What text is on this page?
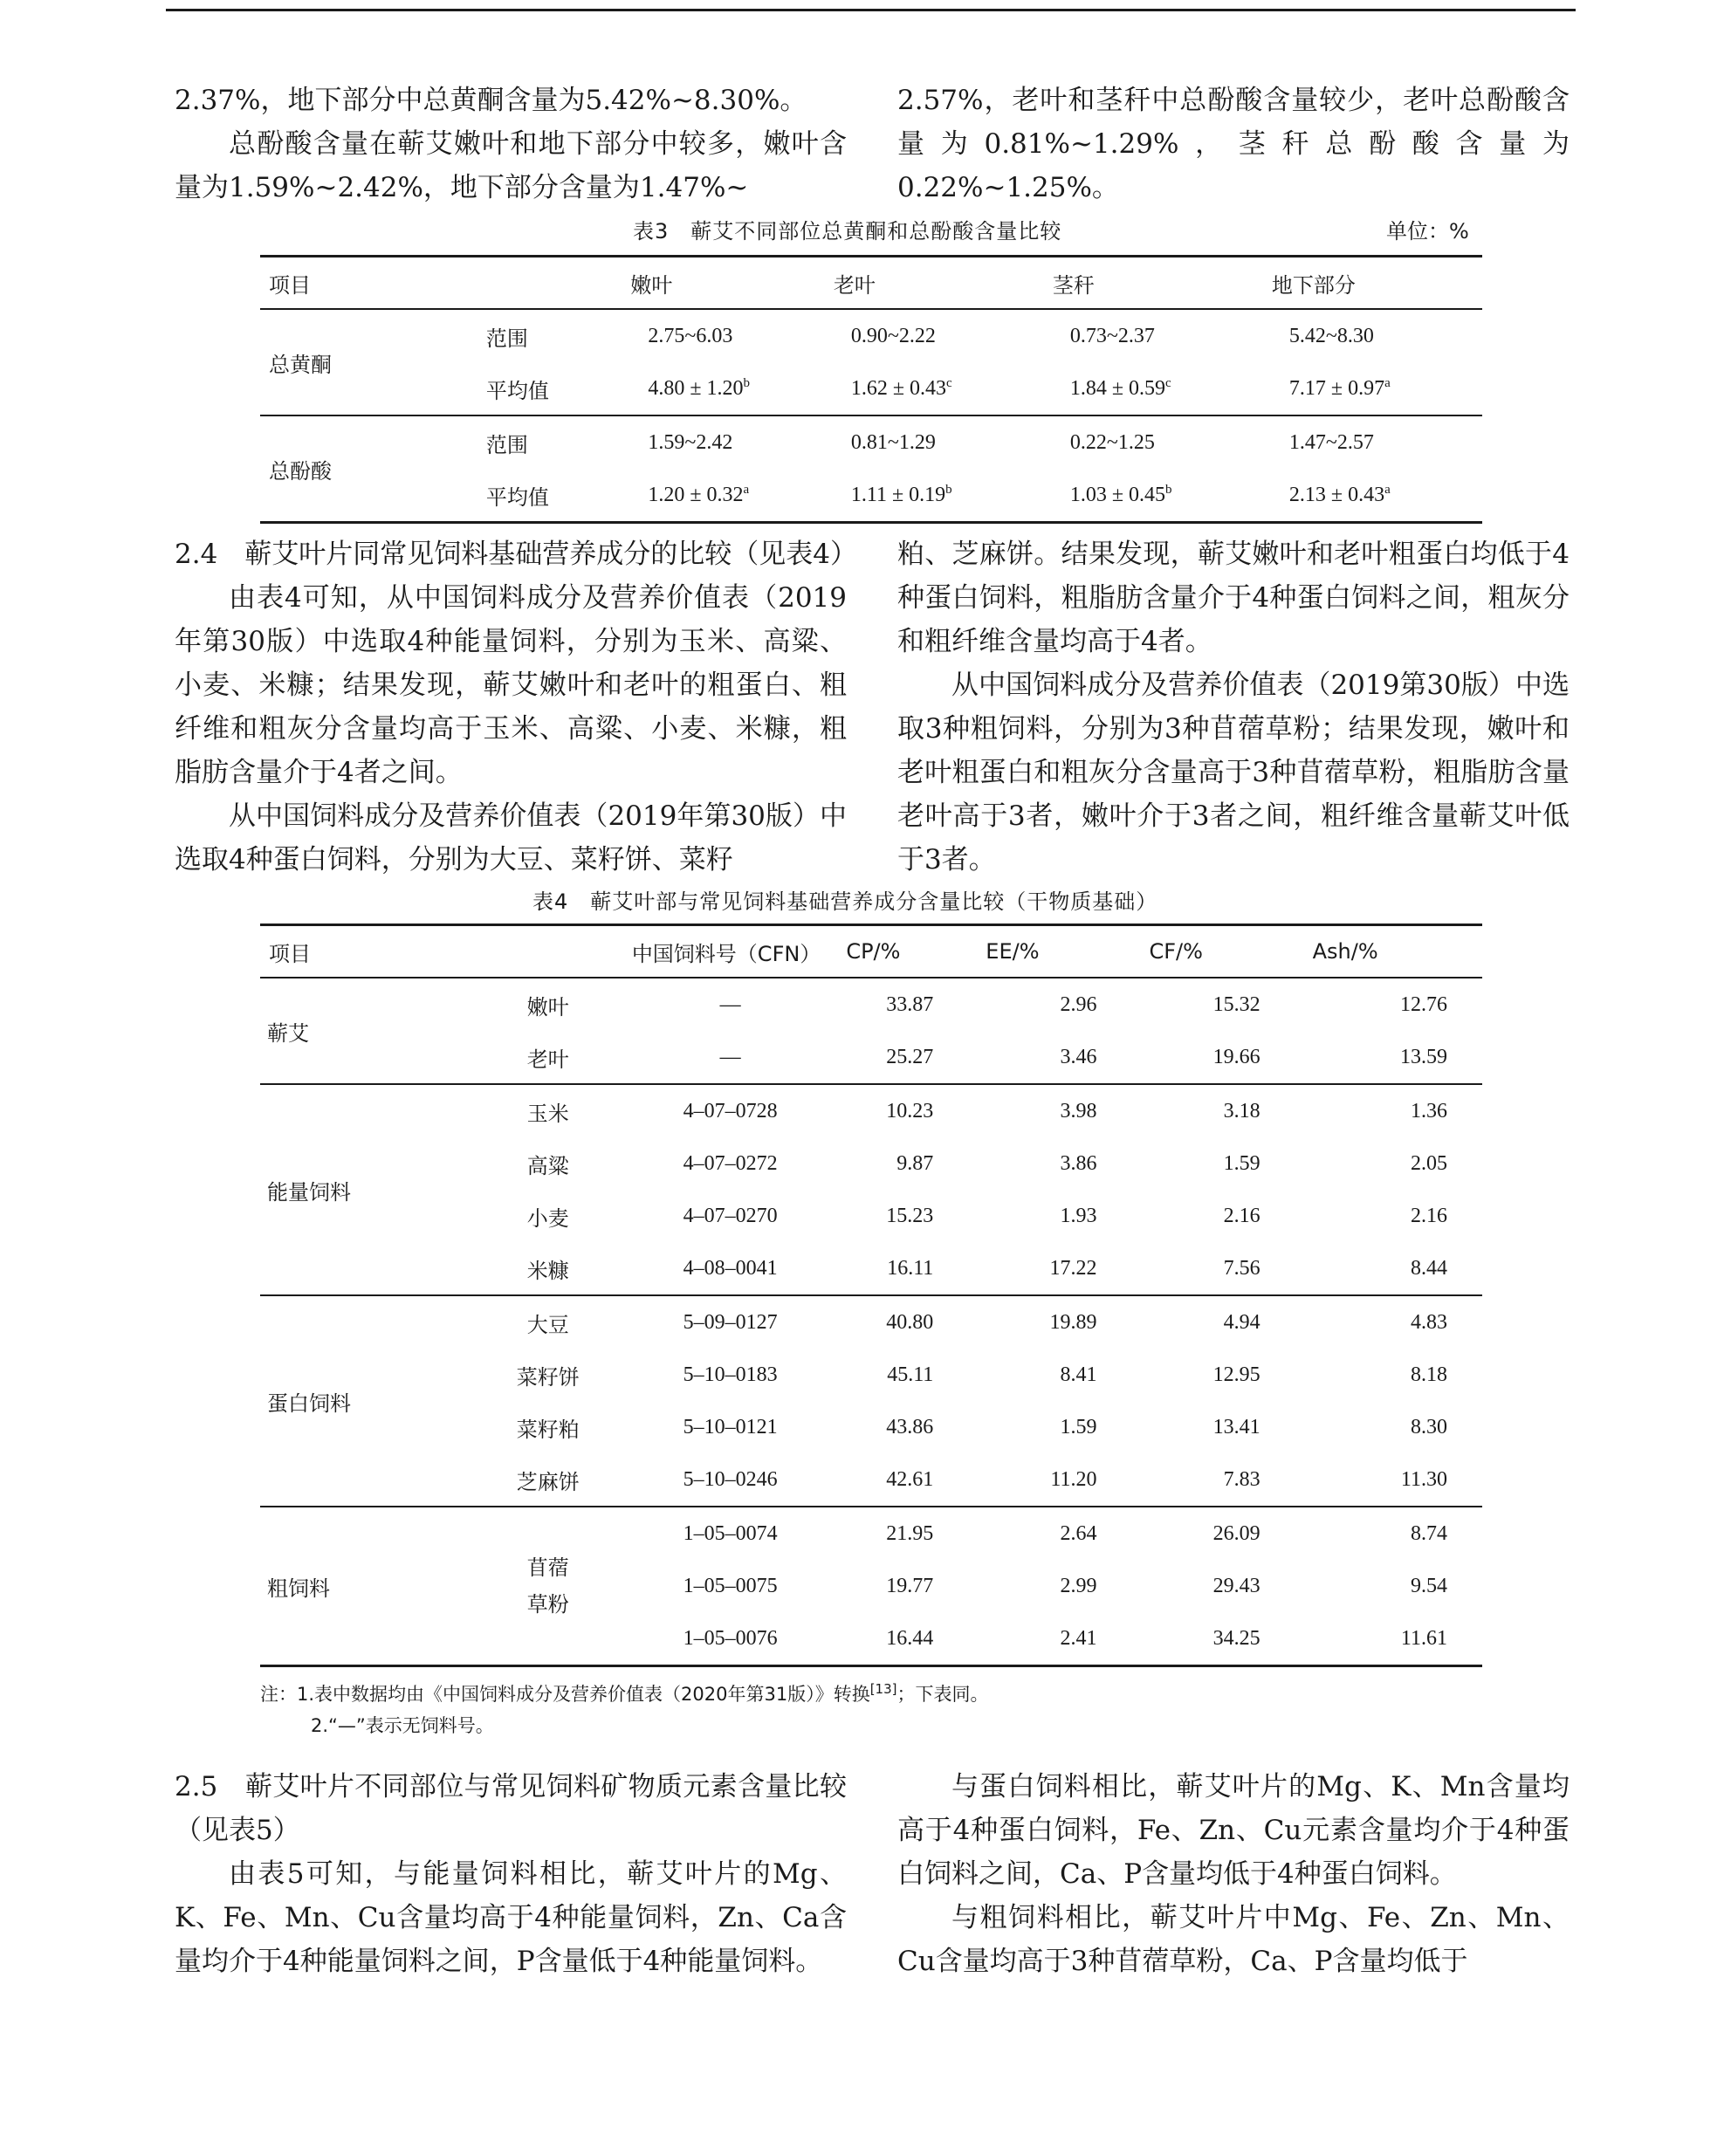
2.37%，地下部分中总黄酮含量为5.42%~8.30%。

总酚酸含量在蕲艾嫩叶和地下部分中较多，嫩叶含量为1.59%~2.42%，地下部分含量为1.47%~

2.57%，老叶和茎秆中总酚酸含量较少，老叶总酚酸含量为0.81%~1.29%，茎秆总酚酸含量为0.22%~1.25%。

表3　蕲艾不同部位总黄酮和总酚酸含量比较	单位：%
项目		嫩叶	老叶	茎秆	地下部分
总黄酮	范围	2.75~6.03	0.90~2.22	0.73~2.37	5.42~8.30
	平均值	4.80 ± 1.20$^b$	1.62 ± 0.43$^c$	1.84 ± 0.59$^c$	7.17 ± 0.97$^a$
总酚酸	范围	1.59~2.42	0.81~1.29	0.22~1.25	1.47~2.57
	平均值	1.20 ± 0.32$^a$	1.11 ± 0.19$^b$	1.03 ± 0.45$^b$	2.13 ± 0.43$^a$

2.4　蕲艾叶片同常见饲料基础营养成分的比较（见表4）

由表4可知，从中国饲料成分及营养价值表（2019年第30版）中选取4种能量饲料，分别为玉米、高粱、小麦、米糠；结果发现，蕲艾嫩叶和老叶的粗蛋白、粗纤维和粗灰分含量均高于玉米、高粱、小麦、米糠，粗脂肪含量介于4者之间。

从中国饲料成分及营养价值表（2019年第30版）中选取4种蛋白饲料，分别为大豆、菜籽饼、菜籽

粕、芝麻饼。结果发现，蕲艾嫩叶和老叶粗蛋白均低于4种蛋白饲料，粗脂肪含量介于4种蛋白饲料之间，粗灰分和粗纤维含量均高于4者。

从中国饲料成分及营养价值表（2019第30版）中选取3种粗饲料，分别为3种苜蓿草粉；结果发现，嫩叶和老叶粗蛋白和粗灰分含量高于3种苜蓿草粉，粗脂肪含量老叶高于3者，嫩叶介于3者之间，粗纤维含量蕲艾叶低于3者。

表4　蕲艾叶部与常见饲料基础营养成分含量比较（干物质基础）
项目		中国饲料号（CFN）	CP/%	EE/%	CF/%	Ash/%
蕲艾	嫩叶	—	33.87	2.96	15.32	12.76
	老叶	—	25.27	3.46	19.66	13.59
能量饲料	玉米	4–07–0728	10.23	3.98	3.18	1.36
	高粱	4–07–0272	9.87	3.86	1.59	2.05
	小麦	4–07–0270	15.23	1.93	2.16	2.16
	米糠	4–08–0041	16.11	17.22	7.56	8.44
蛋白饲料	大豆	5–09–0127	40.80	19.89	4.94	4.83
	菜籽饼	5–10–0183	45.11	8.41	12.95	8.18
	菜籽粕	5–10–0121	43.86	1.59	13.41	8.30
	芝麻饼	5–10–0246	42.61	11.20	7.83	11.30
粗饲料	苜蓿草粉	1–05–0074	21.95	2.64	26.09	8.74
		1–05–0075	19.77	2.99	29.43	9.54
		1–05–0076	16.44	2.41	34.25	11.61
注：1.表中数据均由《中国饲料成分及营养价值表（2020年第31版）》转换[13]；下表同。
2.“—”表示无饲料号。

2.5　蕲艾叶片不同部位与常见饲料矿物质元素含量比较（见表5）

由表5可知，与能量饲料相比，蕲艾叶片的Mg、K、Fe、Mn、Cu含量均高于4种能量饲料，Zn、Ca含量均介于4种能量饲料之间，P含量低于4种能量饲料。

与蛋白饲料相比，蕲艾叶片的Mg、K、Mn含量均高于4种蛋白饲料，Fe、Zn、Cu元素含量均介于4种蛋白饲料之间，Ca、P含量均低于4种蛋白饲料。

与粗饲料相比，蕲艾叶片中Mg、Fe、Zn、Mn、Cu含量均高于3种苜蓿草粉，Ca、P含量均低于
